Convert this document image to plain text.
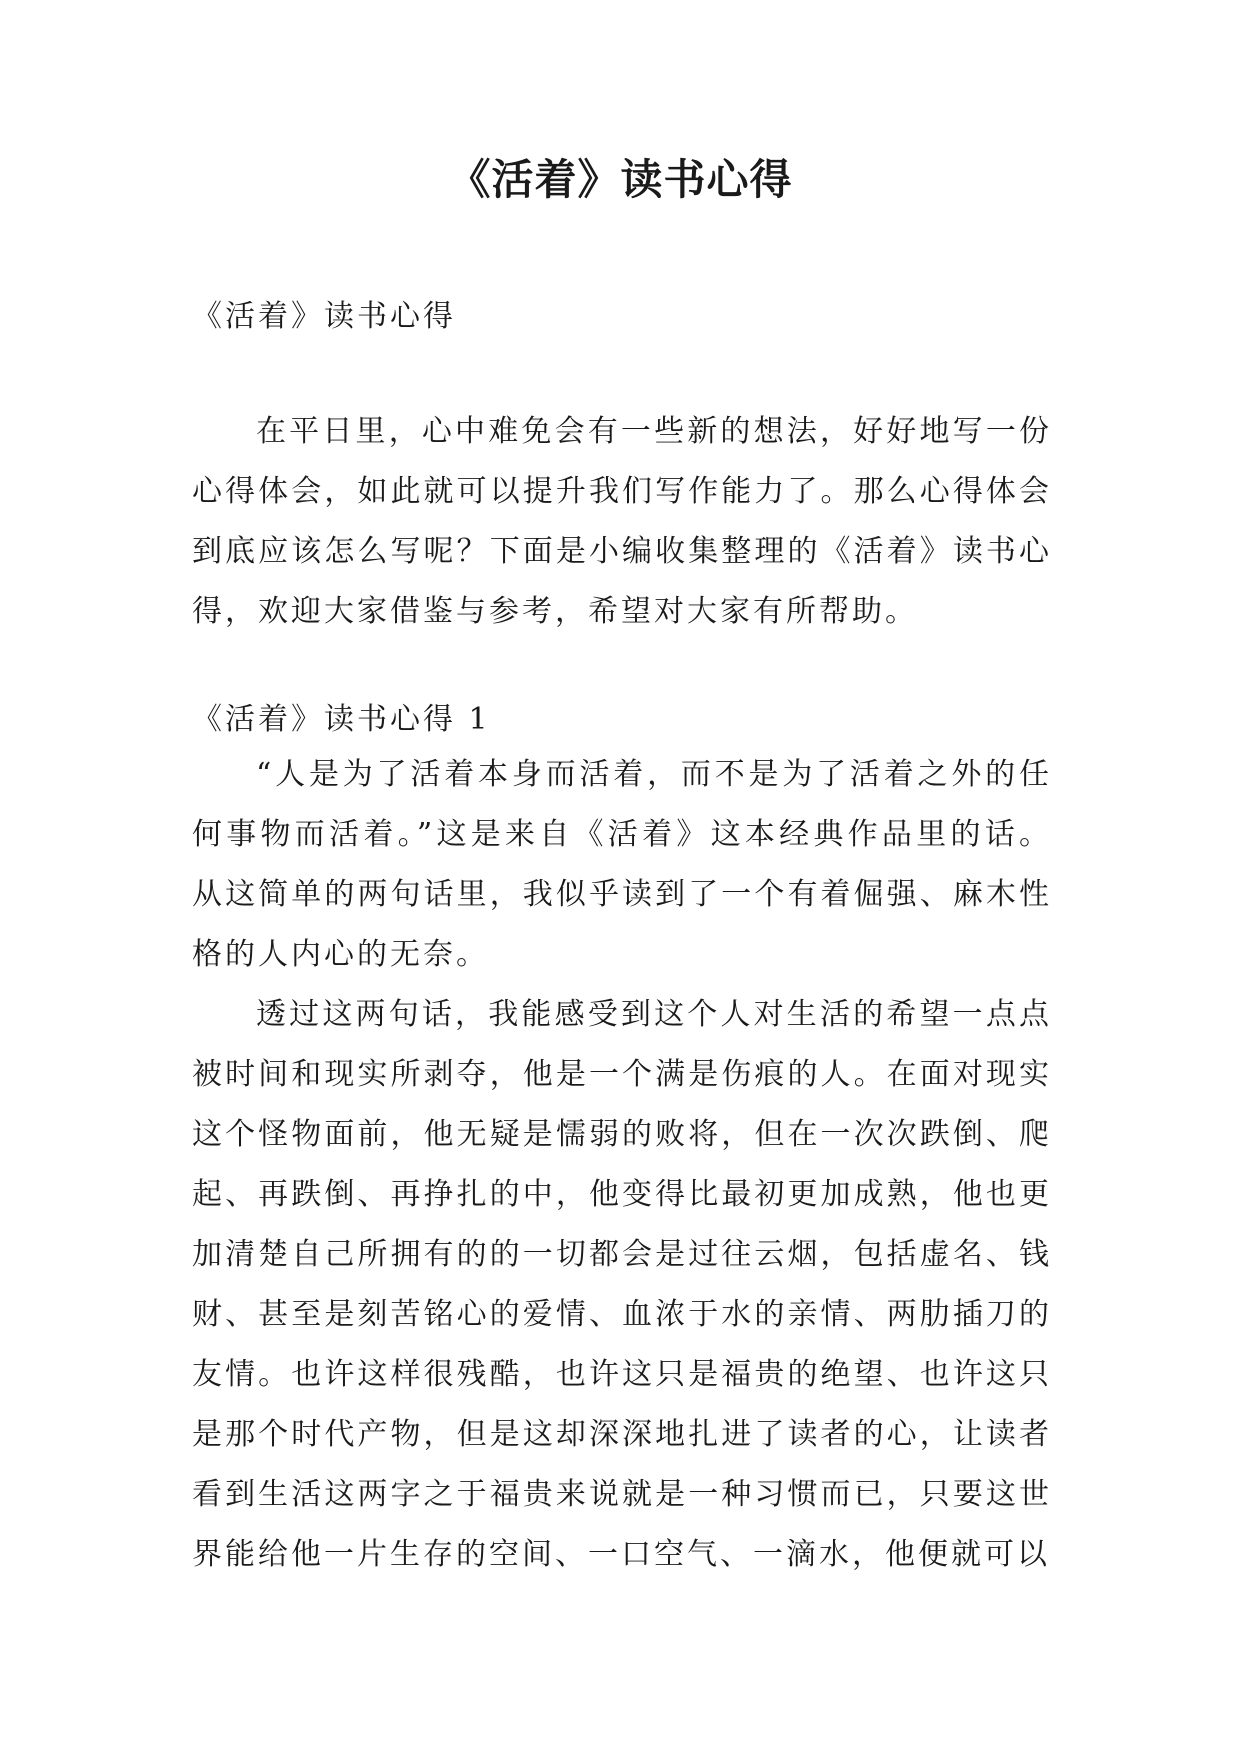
《活着》读书心得

《活着》读书心得

在平日里，心中难免会有一些新的想法，好好地写一份心得体会，如此就可以提升我们写作能力了。那么心得体会到底应该怎么写呢？下面是小编收集整理的《活着》读书心得，欢迎大家借鉴与参考，希望对大家有所帮助。

《活着》读书心得 1

“人是为了活着本身而活着，而不是为了活着之外的任何事物而活着。”这是来自《活着》这本经典作品里的话。从这简单的两句话里，我似乎读到了一个有着倔强、麻木性格的人内心的无奈。

透过这两句话，我能感受到这个人对生活的希望一点点被时间和现实所剥夺，他是一个满是伤痕的人。在面对现实这个怪物面前，他无疑是懦弱的败将，但在一次次跌倒、爬起、再跌倒、再挣扎的中，他变得比最初更加成熟，他也更加清楚自己所拥有的的一切都会是过往云烟，包括虚名、钱财、甚至是刻苦铭心的爱情、血浓于水的亲情、两肋插刀的友情。也许这样很残酷，也许这只是福贵的绝望、也许这只是那个时代产物，但是这却深深地扎进了读者的心，让读者看到生活这两字之于福贵来说就是一种习惯而已，只要这世界能给他一片生存的空间、一口空气、一滴水，他便就可以
